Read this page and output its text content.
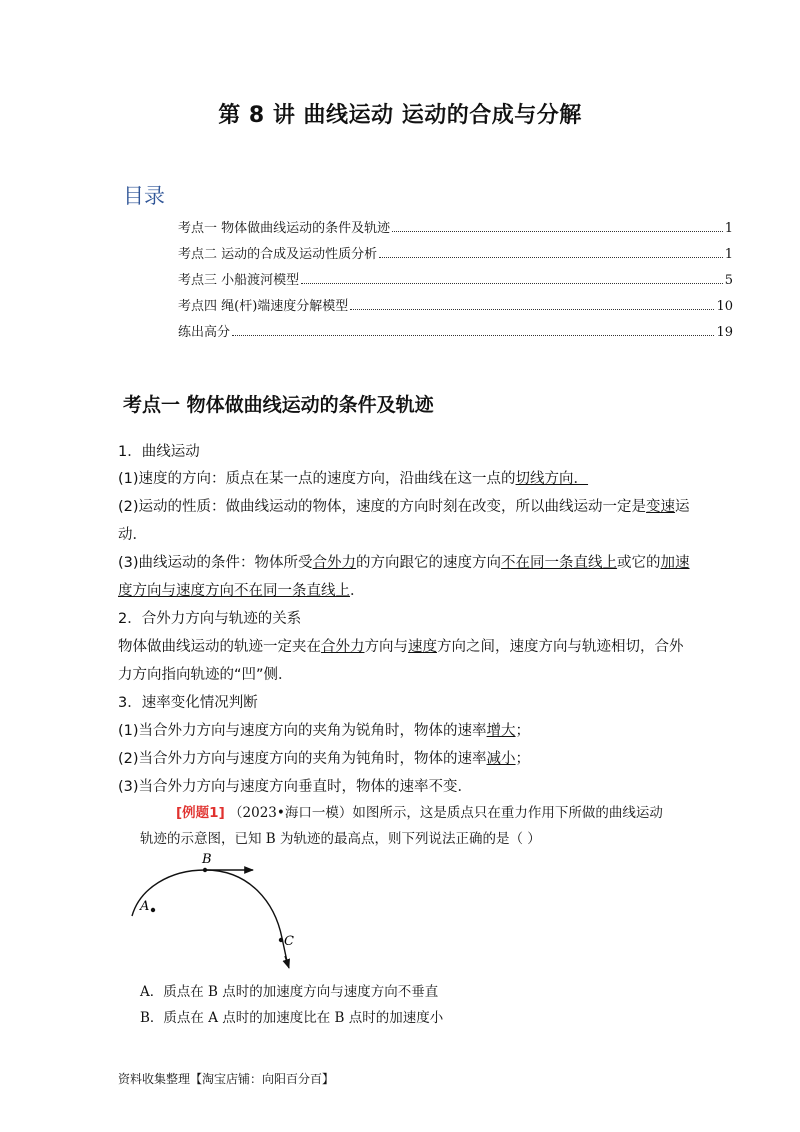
第 8 讲 曲线运动 运动的合成与分解
目录
考点一 物体做曲线运动的条件及轨迹	1
考点二 运动的合成及运动性质分析	1
考点三 小船渡河模型	5
考点四 绳(杆)端速度分解模型	10
练出高分	19
考点一 物体做曲线运动的条件及轨迹
1．曲线运动
(1)速度的方向：质点在某一点的速度方向，沿曲线在这一点的切线方向．
(2)运动的性质：做曲线运动的物体，速度的方向时刻在改变，所以曲线运动一定是变速运
动．
(3)曲线运动的条件：物体所受合外力的方向跟它的速度方向不在同一条直线上或它的加速
度方向与速度方向不在同一条直线上．
2．合外力方向与轨迹的关系
物体做曲线运动的轨迹一定夹在合外力方向与速度方向之间，速度方向与轨迹相切，合外
力方向指向轨迹的“凹”侧．
3．速率变化情况判断
(1)当合外力方向与速度方向的夹角为锐角时，物体的速率增大；
(2)当合外力方向与速度方向的夹角为钝角时，物体的速率减小；
(3)当合外力方向与速度方向垂直时，物体的速率不变．
[例题1] （2023•海口一模）如图所示，这是质点只在重力作用下所做的曲线运动
轨迹的示意图，已知 B 为轨迹的最高点，则下列说法正确的是（ ）
A
B
C
A．质点在 B 点时的加速度方向与速度方向不垂直
B．质点在 A 点时的加速度比在 B 点时的加速度小
资料收集整理【淘宝店铺：向阳百分百】
